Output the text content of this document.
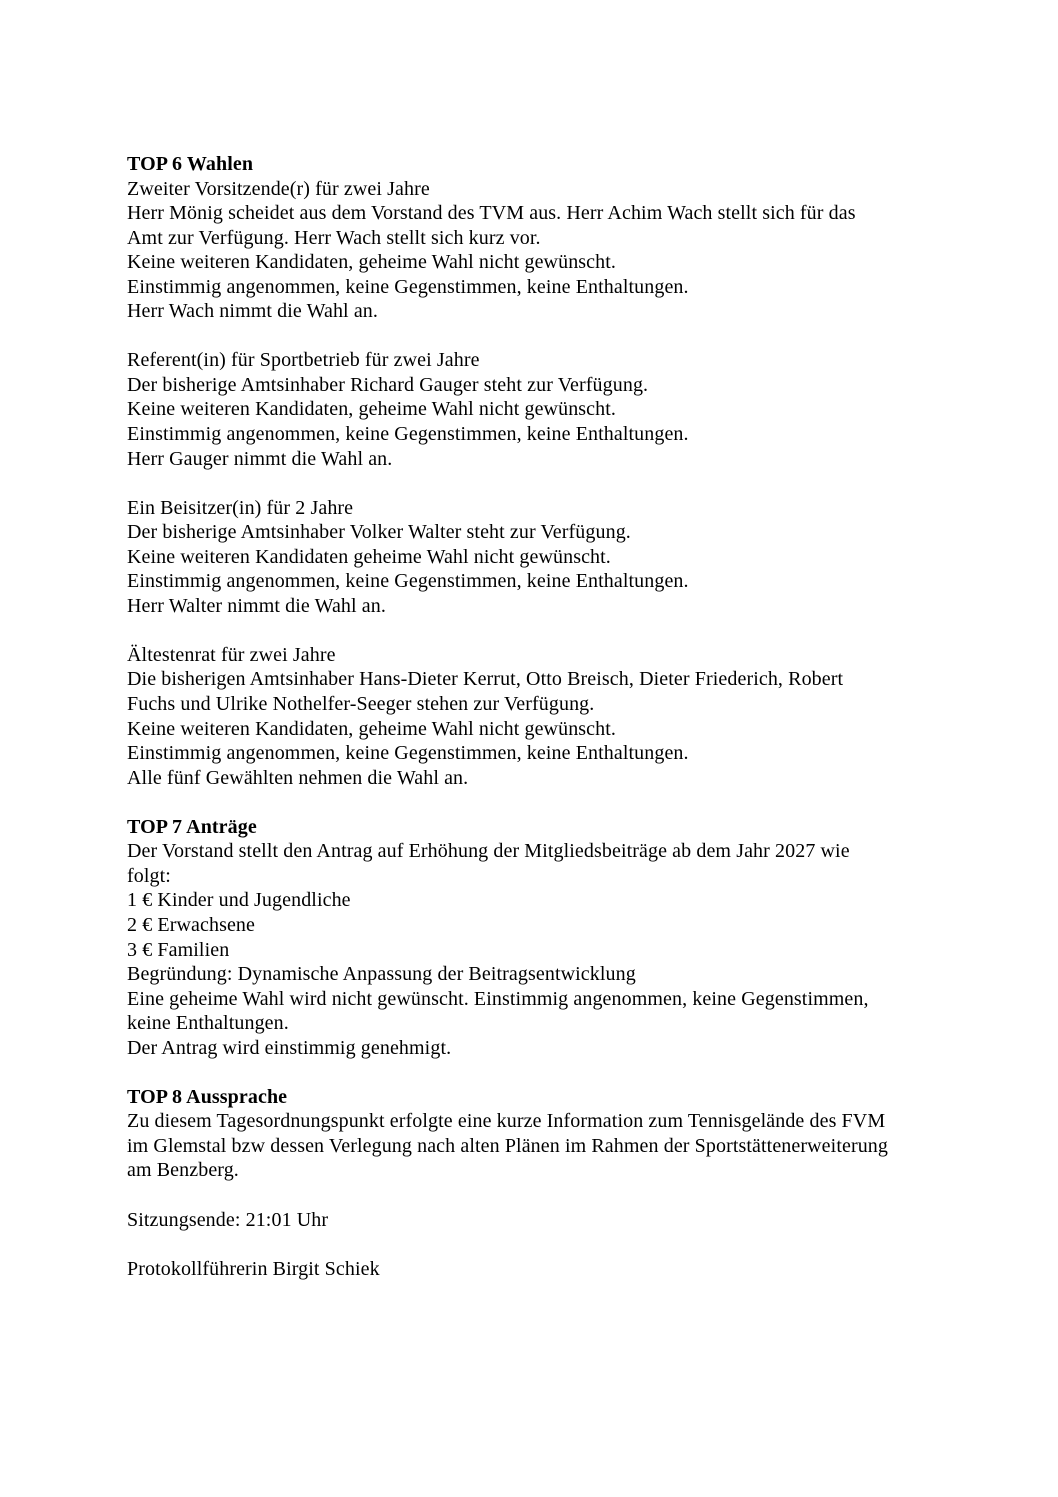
TOP 6 Wahlen
Zweiter Vorsitzende(r) für zwei Jahre
Herr Mönig scheidet aus dem Vorstand des TVM aus. Herr Achim Wach stellt sich für das
Amt zur Verfügung. Herr Wach stellt sich kurz vor.
Keine weiteren Kandidaten, geheime Wahl nicht gewünscht.
Einstimmig angenommen, keine Gegenstimmen, keine Enthaltungen.
Herr Wach nimmt die Wahl an.
Referent(in) für Sportbetrieb für zwei Jahre
Der bisherige Amtsinhaber Richard Gauger steht zur Verfügung.
Keine weiteren Kandidaten, geheime Wahl nicht gewünscht.
Einstimmig angenommen, keine Gegenstimmen, keine Enthaltungen.
Herr Gauger nimmt die Wahl an.
Ein Beisitzer(in) für 2 Jahre
Der bisherige Amtsinhaber Volker Walter steht zur Verfügung.
Keine weiteren Kandidaten geheime Wahl nicht gewünscht.
Einstimmig angenommen, keine Gegenstimmen, keine Enthaltungen.
Herr Walter nimmt die Wahl an.
Ältestenrat für zwei Jahre
Die bisherigen Amtsinhaber Hans-Dieter Kerrut, Otto Breisch, Dieter Friederich, Robert
Fuchs und Ulrike Nothelfer-Seeger stehen zur Verfügung.
Keine weiteren Kandidaten, geheime Wahl nicht gewünscht.
Einstimmig angenommen, keine Gegenstimmen, keine Enthaltungen.
Alle fünf Gewählten nehmen die Wahl an.
TOP 7 Anträge
Der Vorstand stellt den Antrag auf Erhöhung der Mitgliedsbeiträge ab dem Jahr 2027 wie
folgt:
1 € Kinder und Jugendliche
2 € Erwachsene
3 € Familien
Begründung: Dynamische Anpassung der Beitragsentwicklung
Eine geheime Wahl wird nicht gewünscht. Einstimmig angenommen, keine Gegenstimmen,
keine Enthaltungen.
Der Antrag wird einstimmig genehmigt.
TOP 8 Aussprache
Zu diesem Tagesordnungspunkt erfolgte eine kurze Information zum Tennisgelände des FVM
im Glemstal bzw dessen Verlegung nach alten Plänen im Rahmen der Sportstättenerweiterung
am Benzberg.
Sitzungsende: 21:01 Uhr
Protokollführerin Birgit Schiek
